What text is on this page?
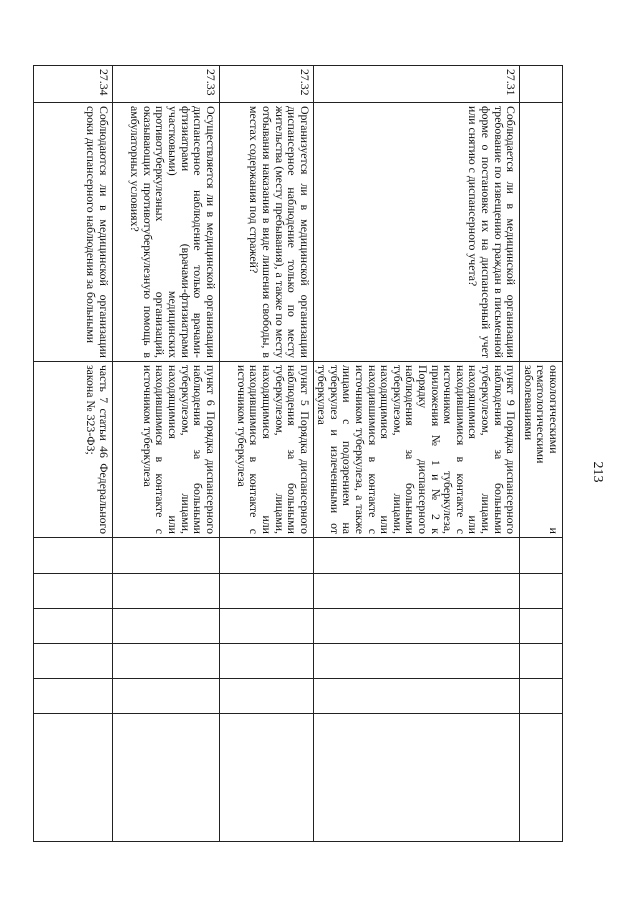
213
		онкологическими и гематологическими заболеваниями						
27.31	Соблюдается ли в медицинской организации требование по извещению граждан в письменной форме о постановке их на диспансерный учет или снятию с диспансерного учета?	пункт 9 Порядка диспансерного наблюдения за больными туберкулезом, лицами, находящимися или находившимися в контакте с источником туберкулеза, приложения № 1 и № 2 к Порядку диспансерного наблюдения за больными туберкулезом, лицами, находящимися или находившимися в контакте с источником туберкулеза, а также лицами с подозрением на туберкулез и излеченными от туберкулеза						
27.32	Организуется ли в медицинской организации диспансерное наблюдение только по месту жительства (месту пребывания), а также по месту отбывания наказания в виде лишения свободы, в местах содержания под стражей?	пункт 5 Порядка диспансерного наблюдения за больными туберкулезом, лицами, находящимися или находившимися в контакте с источником туберкулеза						
27.33	Осуществляется ли в медицинской организации диспансерное наблюдение только врачами-фтизиатрами (врачами-фтизиатрами участковыми) медицинских противотуберкулезных организаций, оказывающих противотуберкулезную помощь в амбулаторных условиях?	пункт 6 Порядка диспансерного наблюдения за больными туберкулезом, лицами, находящимися или находившимися в контакте с источником туберкулеза						
27.34	Соблюдаются ли в медицинской организации сроки диспансерного наблюдения за больными	часть 7 статьи 46 Федерального закона № 323-ФЗ;						
